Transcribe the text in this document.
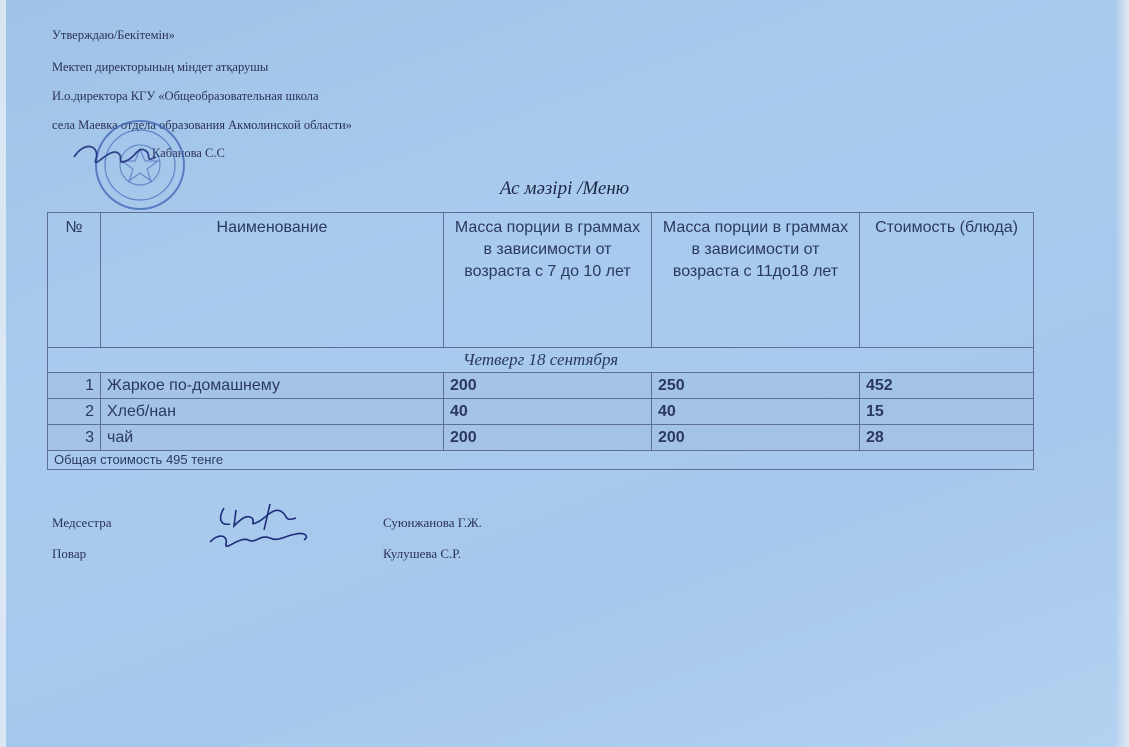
Утверждаю/Бекітемін»
Мектеп директорының міндет атқарушы
И.о.директора КГУ «Общеобразовательная школа
села Маевка отдела образования Акмолинской области»
Кабанова С.С
Ас мәзірі /Меню
№	Наименование	Масса порции в граммах в зависимости от возраста с 7 до 10 лет	Масса порции в граммах в зависимости от возраста с 11до18 лет	Стоимость (блюда)
Четверг 18 сентября				
1	Жаркое по-домашнему	200	250	452
2	Хлеб/нан	40	40	15
3	чай	200	200	28
Общая стоимость 495 тенге				
Медсестра	Суюнжанова Г.Ж.
Повар	Кулушева С.Р.
